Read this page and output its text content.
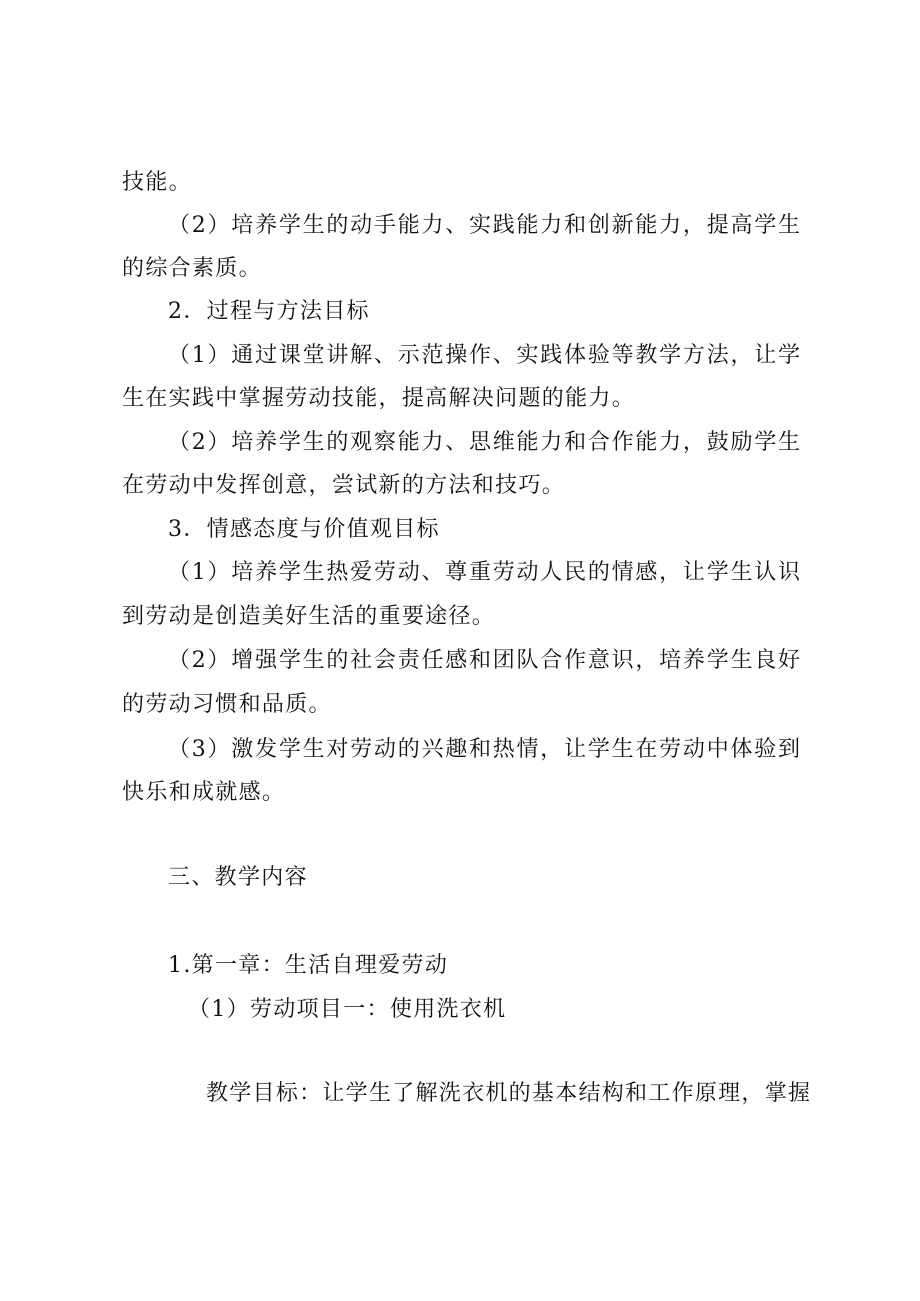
技能。
（2）培养学生的动手能力、实践能力和创新能力，提高学生
的综合素质。
2．过程与方法目标
（1）通过课堂讲解、示范操作、实践体验等教学方法，让学
生在实践中掌握劳动技能，提高解决问题的能力。
（2）培养学生的观察能力、思维能力和合作能力，鼓励学生
在劳动中发挥创意，尝试新的方法和技巧。
3．情感态度与价值观目标
（1）培养学生热爱劳动、尊重劳动人民的情感，让学生认识
到劳动是创造美好生活的重要途径。
（2）增强学生的社会责任感和团队合作意识，培养学生良好
的劳动习惯和品质。
（3）激发学生对劳动的兴趣和热情，让学生在劳动中体验到
快乐和成就感。
三、教学内容
1.第一章：生活自理爱劳动
（1）劳动项目一：使用洗衣机
教学目标：让学生了解洗衣机的基本结构和工作原理，掌握
